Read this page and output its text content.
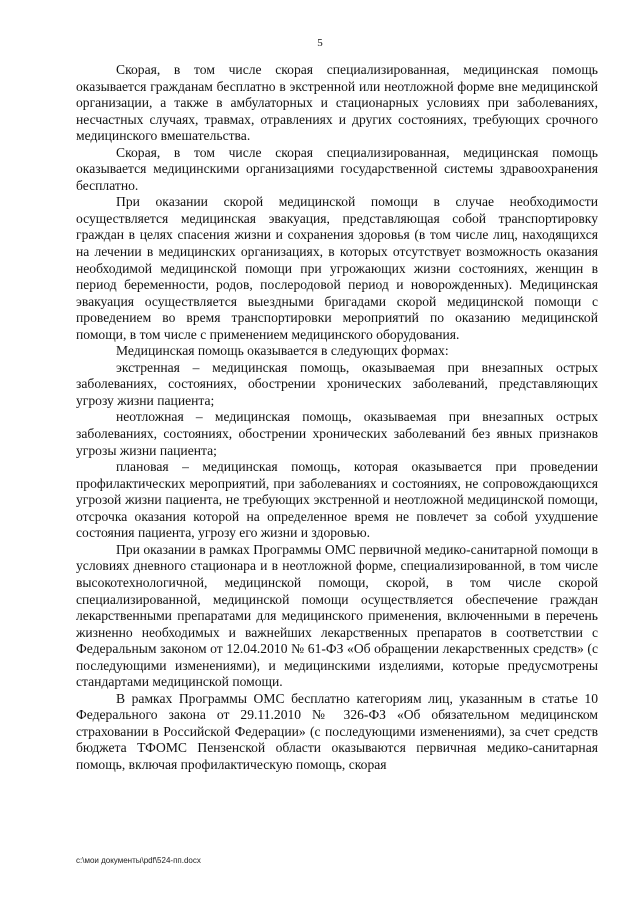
5

Скорая, в том числе скорая специализированная, медицинская помощь оказывается гражданам бесплатно в экстренной или неотложной форме вне медицинской организации, а также в амбулаторных и стационарных условиях при заболеваниях, несчастных случаях, травмах, отравлениях и других состояниях, требующих срочного медицинского вмешательства.

Скорая, в том числе скорая специализированная, медицинская помощь оказывается медицинскими организациями государственной системы здравоохранения бесплатно.

При оказании скорой медицинской помощи в случае необходимости осуществляется медицинская эвакуация, представляющая собой транспортировку граждан в целях спасения жизни и сохранения здоровья (в том числе лиц, находящихся на лечении в медицинских организациях, в которых отсутствует возможность оказания необходимой медицинской помощи при угрожающих жизни состояниях, женщин в период беременности, родов, послеродовой период и новорожденных). Медицинская эвакуация осуществляется выездными бригадами скорой медицинской помощи с проведением во время транспортировки мероприятий по оказанию медицинской помощи, в том числе с применением медицинского оборудования.

Медицинская помощь оказывается в следующих формах:

экстренная – медицинская помощь, оказываемая при внезапных острых заболеваниях, состояниях, обострении хронических заболеваний, представляющих угрозу жизни пациента;

неотложная – медицинская помощь, оказываемая при внезапных острых заболеваниях, состояниях, обострении хронических заболеваний без явных признаков угрозы жизни пациента;

плановая – медицинская помощь, которая оказывается при проведении профилактических мероприятий, при заболеваниях и состояниях, не сопровождающихся угрозой жизни пациента, не требующих экстренной и неотложной медицинской помощи, отсрочка оказания которой на определенное время не повлечет за собой ухудшение состояния пациента, угрозу его жизни и здоровью.

При оказании в рамках Программы ОМС первичной медико-санитарной помощи в условиях дневного стационара и в неотложной форме, специализированной, в том числе высокотехнологичной, медицинской помощи, скорой, в том числе скорой специализированной, медицинской помощи осуществляется обеспечение граждан лекарственными препаратами для медицинского применения, включенными в перечень жизненно необходимых и важнейших лекарственных препаратов в соответствии с Федеральным законом от 12.04.2010 № 61-ФЗ «Об обращении лекарственных средств» (с последующими изменениями), и медицинскими изделиями, которые предусмотрены стандартами медицинской помощи.

В рамках Программы ОМС бесплатно категориям лиц, указанным в статье 10 Федерального закона от 29.11.2010 № 326-ФЗ «Об обязательном медицинском страховании в Российской Федерации» (с последующими изменениями), за счет средств бюджета ТФОМС Пензенской области оказываются первичная медико-санитарная помощь, включая профилактическую помощь, скорая

c:\мои документы\pdf\524-пп.docx
